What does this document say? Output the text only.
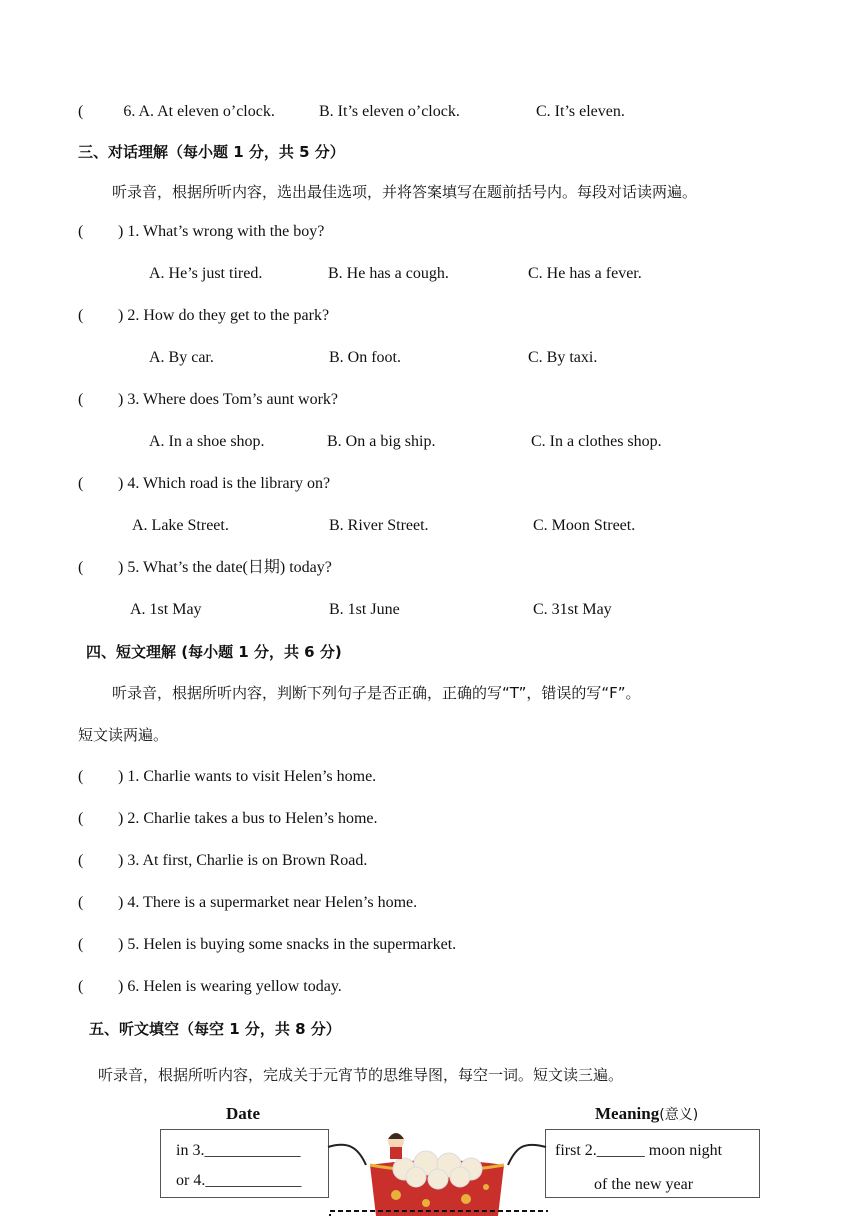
(	6. A. At eleven o’clock.	B. It’s eleven o’clock.	C. It’s eleven.
三、对话理解（每小题 1 分，共 5 分）
听录音，根据所听内容，选出最佳选项，并将答案填写在题前括号内。每段对话读两遍。
( ) 1. What’s wrong with the boy?
A. He’s just tired.	B. He has a cough.	C. He has a fever.
( ) 2. How do they get to the park?
A. By car.	B. On foot.	C. By taxi.
( ) 3. Where does Tom’s aunt work?
A. In a shoe shop.	B. On a big ship.	C. In a clothes shop.
( ) 4. Which road is the library on?
A. Lake Street.	B. River Street.	C. Moon Street.
( ) 5. What’s the date(日期) today?
A. 1st May	B. 1st June	C. 31st May
四、短文理解 (每小题 1 分，共 6 分)
听录音，根据所听内容，判断下列句子是否正确，正确的写“T”，错误的写“F”。
短文读两遍。
( ) 1. Charlie wants to visit Helen’s home.
( ) 2. Charlie takes a bus to Helen’s home.
( ) 3. At first, Charlie is on Brown Road.
( ) 4. There is a supermarket near Helen’s home.
( ) 5. Helen is buying some snacks in the supermarket.
( ) 6. Helen is wearing yellow today.
五、听文填空（每空 1 分，共 8 分）
听录音，根据所听内容，完成关于元宵节的思维导图，每空一词。短文读三遍。
Date	Meaning(意义)
in 3.____________
or 4.____________
first 2.______ moon night
of the new year
